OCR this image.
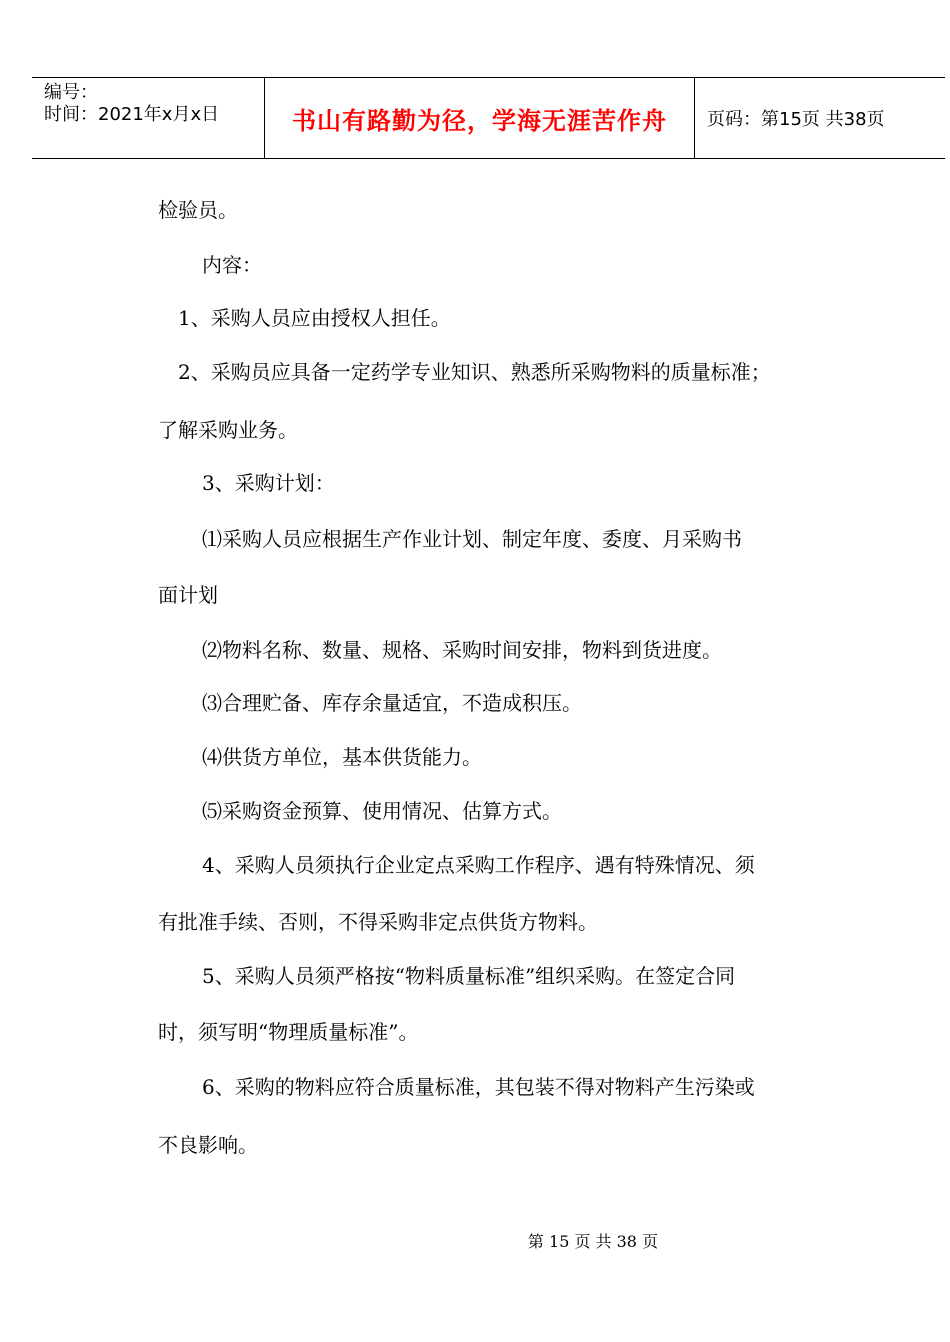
编号：
时间：2021年x月x日	书山有路勤为径，学海无涯苦作舟	页码：第15页 共38页
检验员。
内容：
1、采购人员应由授权人担任。
2、采购员应具备一定药学专业知识、熟悉所采购物料的质量标准；
了解采购业务。
3、采购计划：
⑴采购人员应根据生产作业计划、制定年度、委度、月采购书
面计划
⑵物料名称、数量、规格、采购时间安排，物料到货进度。
⑶合理贮备、库存余量适宜，不造成积压。
⑷供货方单位，基本供货能力。
⑸采购资金预算、使用情况、估算方式。
4、采购人员须执行企业定点采购工作程序、遇有特殊情况、须
有批准手续、否则，不得采购非定点供货方物料。
5、采购人员须严格按“物料质量标准”组织采购。在签定合同
时，须写明“物理质量标准”。
6、采购的物料应符合质量标准，其包装不得对物料产生污染或
不良影响。
第 15 页 共 38 页
